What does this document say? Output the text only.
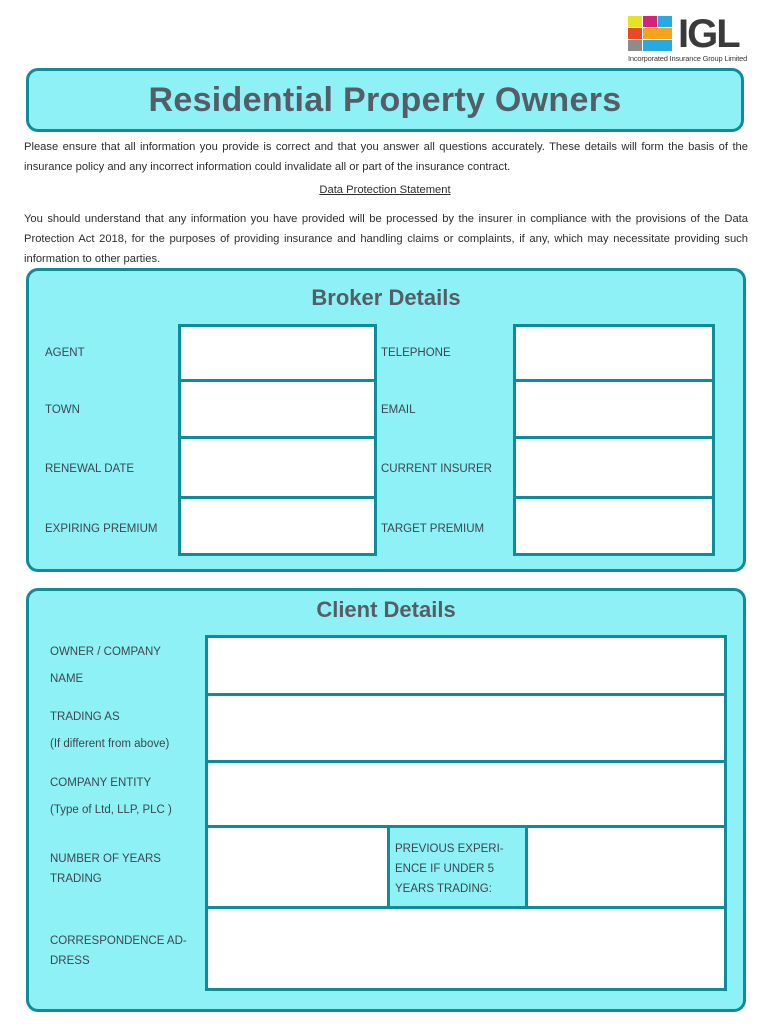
IGL
Incorporated Insurance Group Limited
Residential Property Owners
Please ensure that all information you provide is correct and that you answer all questions accurately. These details will form the basis of the insurance policy and any incorrect information could invalidate all or part of the insurance contract.
Data Protection Statement
You should understand that any information you have provided will be processed by the insurer in compliance with the provisions of the Data Protection Act 2018, for the purposes of providing insurance and handling claims or complaints, if any, which may necessitate providing such information to other parties.
Broker Details
AGENT	TELEPHONE
TOWN	EMAIL
RENEWAL DATE	CURRENT INSURER
EXPIRING PREMIUM	TARGET PREMIUM
Client Details
OWNER / COMPANY
NAME
TRADING AS
(If different from above)
COMPANY ENTITY
(Type of Ltd, LLP, PLC )
NUMBER OF YEARS
TRADING
PREVIOUS EXPERI-
ENCE IF UNDER 5
YEARS TRADING:
CORRESPONDENCE AD-
DRESS
